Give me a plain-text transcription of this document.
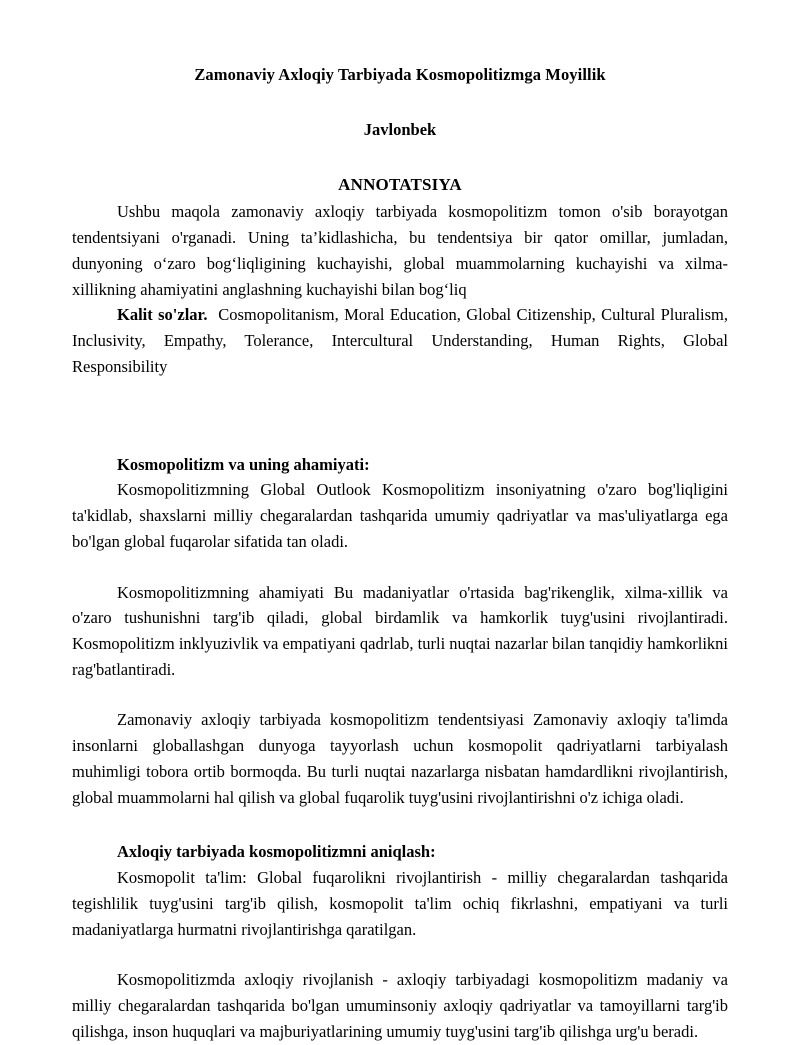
Zamonaviy Axloqiy Tarbiyada Kosmopolitizmga Moyillik
Javlonbek
ANNOTATSIYA

Ushbu maqola zamonaviy axloqiy tarbiyada kosmopolitizm tomon o'sib borayotgan tendentsiyani o'rganadi. Uning ta’kidlashicha, bu tendentsiya bir qator omillar, jumladan, dunyoning o‘zaro bog‘liqligining kuchayishi, global muammolarning kuchayishi va xilma-xillikning ahamiyatini anglashning kuchayishi bilan bog‘liq

Kalit so'zlar. Cosmopolitanism, Moral Education, Global Citizenship, Cultural Pluralism, Inclusivity, Empathy, Tolerance, Intercultural Understanding, Human Rights, Global Responsibility

Kosmopolitizm va uning ahamiyati:

Kosmopolitizmning Global Outlook Kosmopolitizm insoniyatning o'zaro bog'liqligini ta'kidlab, shaxslarni milliy chegaralardan tashqarida umumiy qadriyatlar va mas'uliyatlarga ega bo'lgan global fuqarolar sifatida tan oladi.

Kosmopolitizmning ahamiyati Bu madaniyatlar o'rtasida bag'rikenglik, xilma-xillik va o'zaro tushunishni targ'ib qiladi, global birdamlik va hamkorlik tuyg'usini rivojlantiradi. Kosmopolitizm inklyuzivlik va empatiyani qadrlab, turli nuqtai nazarlar bilan tanqidiy hamkorlikni rag'batlantiradi.

Zamonaviy axloqiy tarbiyada kosmopolitizm tendentsiyasi Zamonaviy axloqiy ta'limda insonlarni globallashgan dunyoga tayyorlash uchun kosmopolit qadriyatlarni tarbiyalash muhimligi tobora ortib bormoqda. Bu turli nuqtai nazarlarga nisbatan hamdardlikni rivojlantirish, global muammolarni hal qilish va global fuqarolik tuyg'usini rivojlantirishni o'z ichiga oladi.

Axloqiy tarbiyada kosmopolitizmni aniqlash:

Kosmopolit ta'lim: Global fuqarolikni rivojlantirish - milliy chegaralardan tashqarida tegishlilik tuyg'usini targ'ib qilish, kosmopolit ta'lim ochiq fikrlashni, empatiyani va turli madaniyatlarga hurmatni rivojlantirishga qaratilgan.

Kosmopolitizmda axloqiy rivojlanish - axloqiy tarbiyadagi kosmopolitizm madaniy va milliy chegaralardan tashqarida bo'lgan umuminsoniy axloqiy qadriyatlar va tamoyillarni targ'ib qilishga, inson huquqlari va majburiyatlarining umumiy tuyg'usini targ'ib qilishga urg'u beradi.
